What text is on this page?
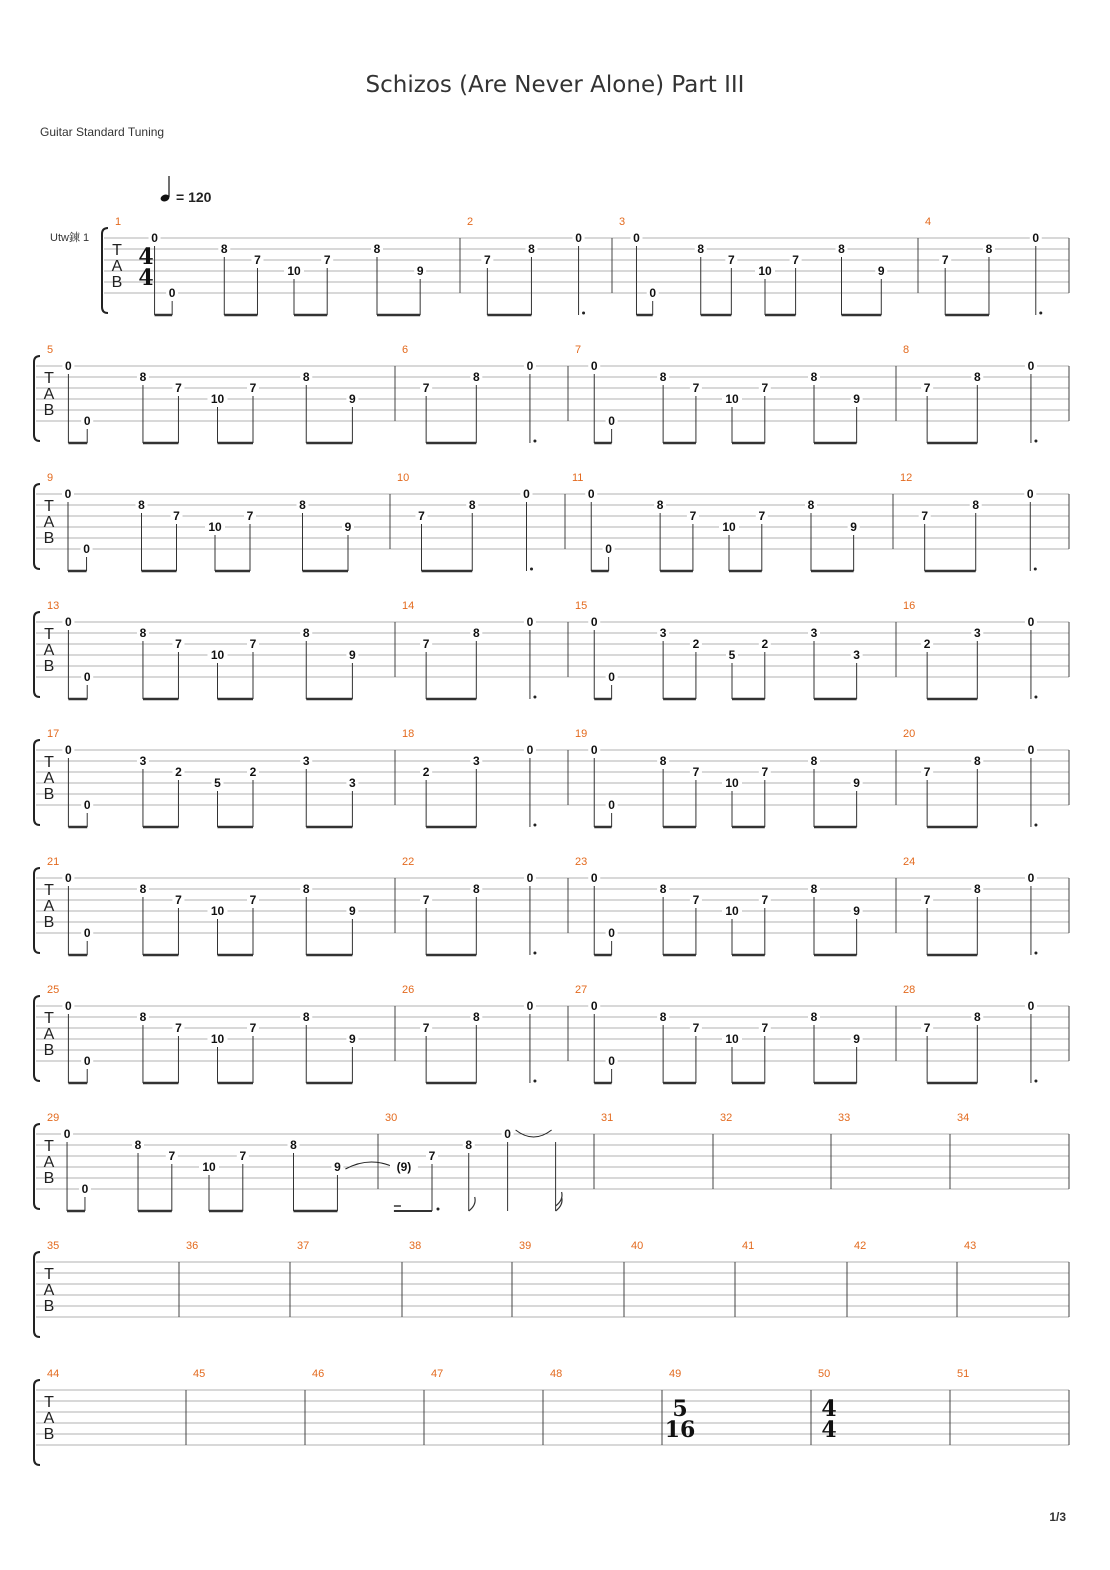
Schizos (Are Never Alone) Part III
Guitar Standard Tuning
= 120
Utw鍊 1
T
A
B
1
4
4
0
0
8
7
10
7
8
9
2
7
8
0
3
0
0
8
7
10
7
8
9
4
7
8
0
T
A
B
5
0
0
8
7
10
7
8
9
6
7
8
0
7
0
0
8
7
10
7
8
9
8
7
8
0
T
A
B
9
0
0
8
7
10
7
8
9
10
7
8
0
11
0
0
8
7
10
7
8
9
12
7
8
0
T
A
B
13
0
0
8
7
10
7
8
9
14
7
8
0
15
0
0
3
2
5
2
3
3
16
2
3
0
T
A
B
17
0
0
3
2
5
2
3
3
18
2
3
0
19
0
0
8
7
10
7
8
9
20
7
8
0
T
A
B
21
0
0
8
7
10
7
8
9
22
7
8
0
23
0
0
8
7
10
7
8
9
24
7
8
0
T
A
B
25
0
0
8
7
10
7
8
9
26
7
8
0
27
0
0
8
7
10
7
8
9
28
7
8
0
T
A
B
29
0
0
8
7
10
7
8
9
30
(9)
7
8
0
31	32	33	34
T
A
B
35	36	37	38	39	40	41	42	43
T
A
B
44	45	46	47	48	49
5
16
50
4
4
51
1/3
